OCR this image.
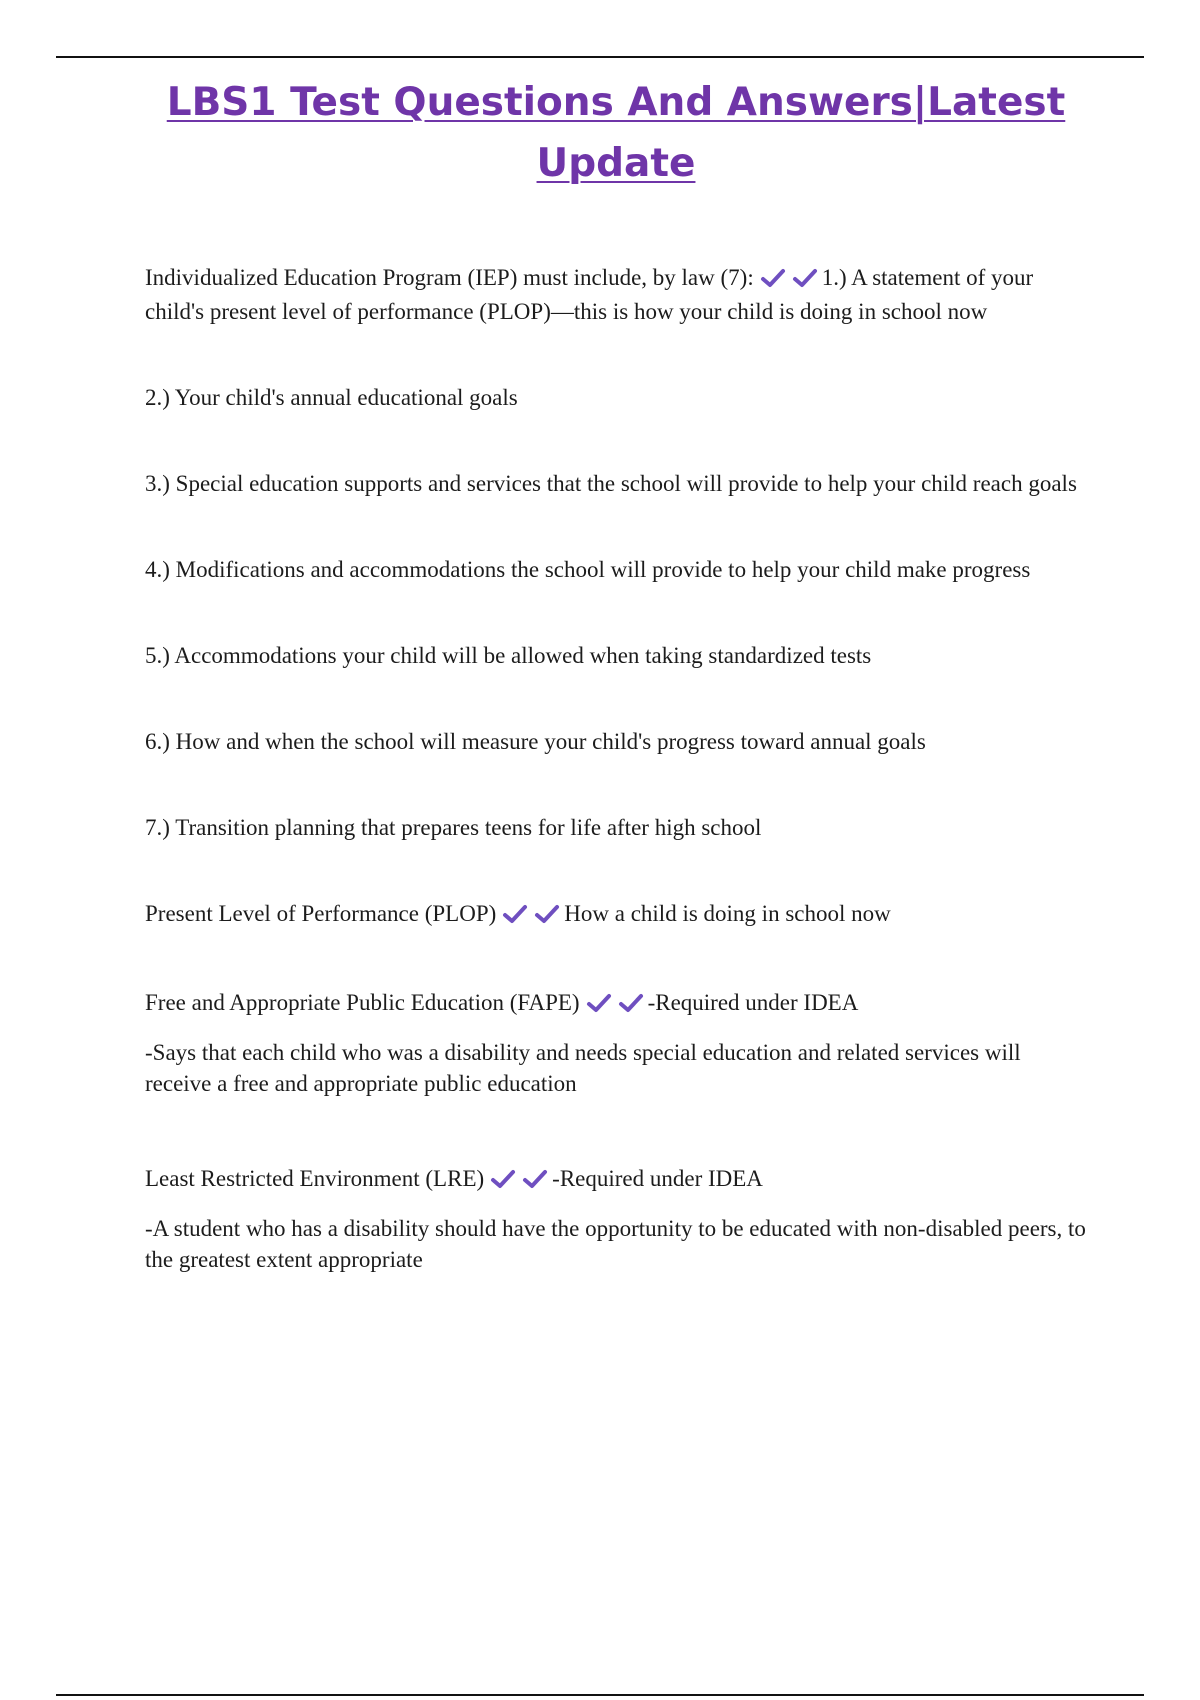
LBS1 Test Questions And Answers|Latest
Update

Individualized Education Program (IEP) must include, by law (7):	1.) A statement of your child's present level of performance (PLOP)—this is how your child is doing in school now

2.) Your child's annual educational goals

3.) Special education supports and services that the school will provide to help your child reach goals

4.) Modifications and accommodations the school will provide to help your child make progress

5.) Accommodations your child will be allowed when taking standardized tests

6.) How and when the school will measure your child's progress toward annual goals

7.) Transition planning that prepares teens for life after high school

Present Level of Performance (PLOP)	How a child is doing in school now

Free and Appropriate Public Education (FAPE)	-Required under IDEA

-Says that each child who was a disability and needs special education and related services will receive a free and appropriate public education

Least Restricted Environment (LRE)	-Required under IDEA

-A student who has a disability should have the opportunity to be educated with non-disabled peers, to the greatest extent appropriate
